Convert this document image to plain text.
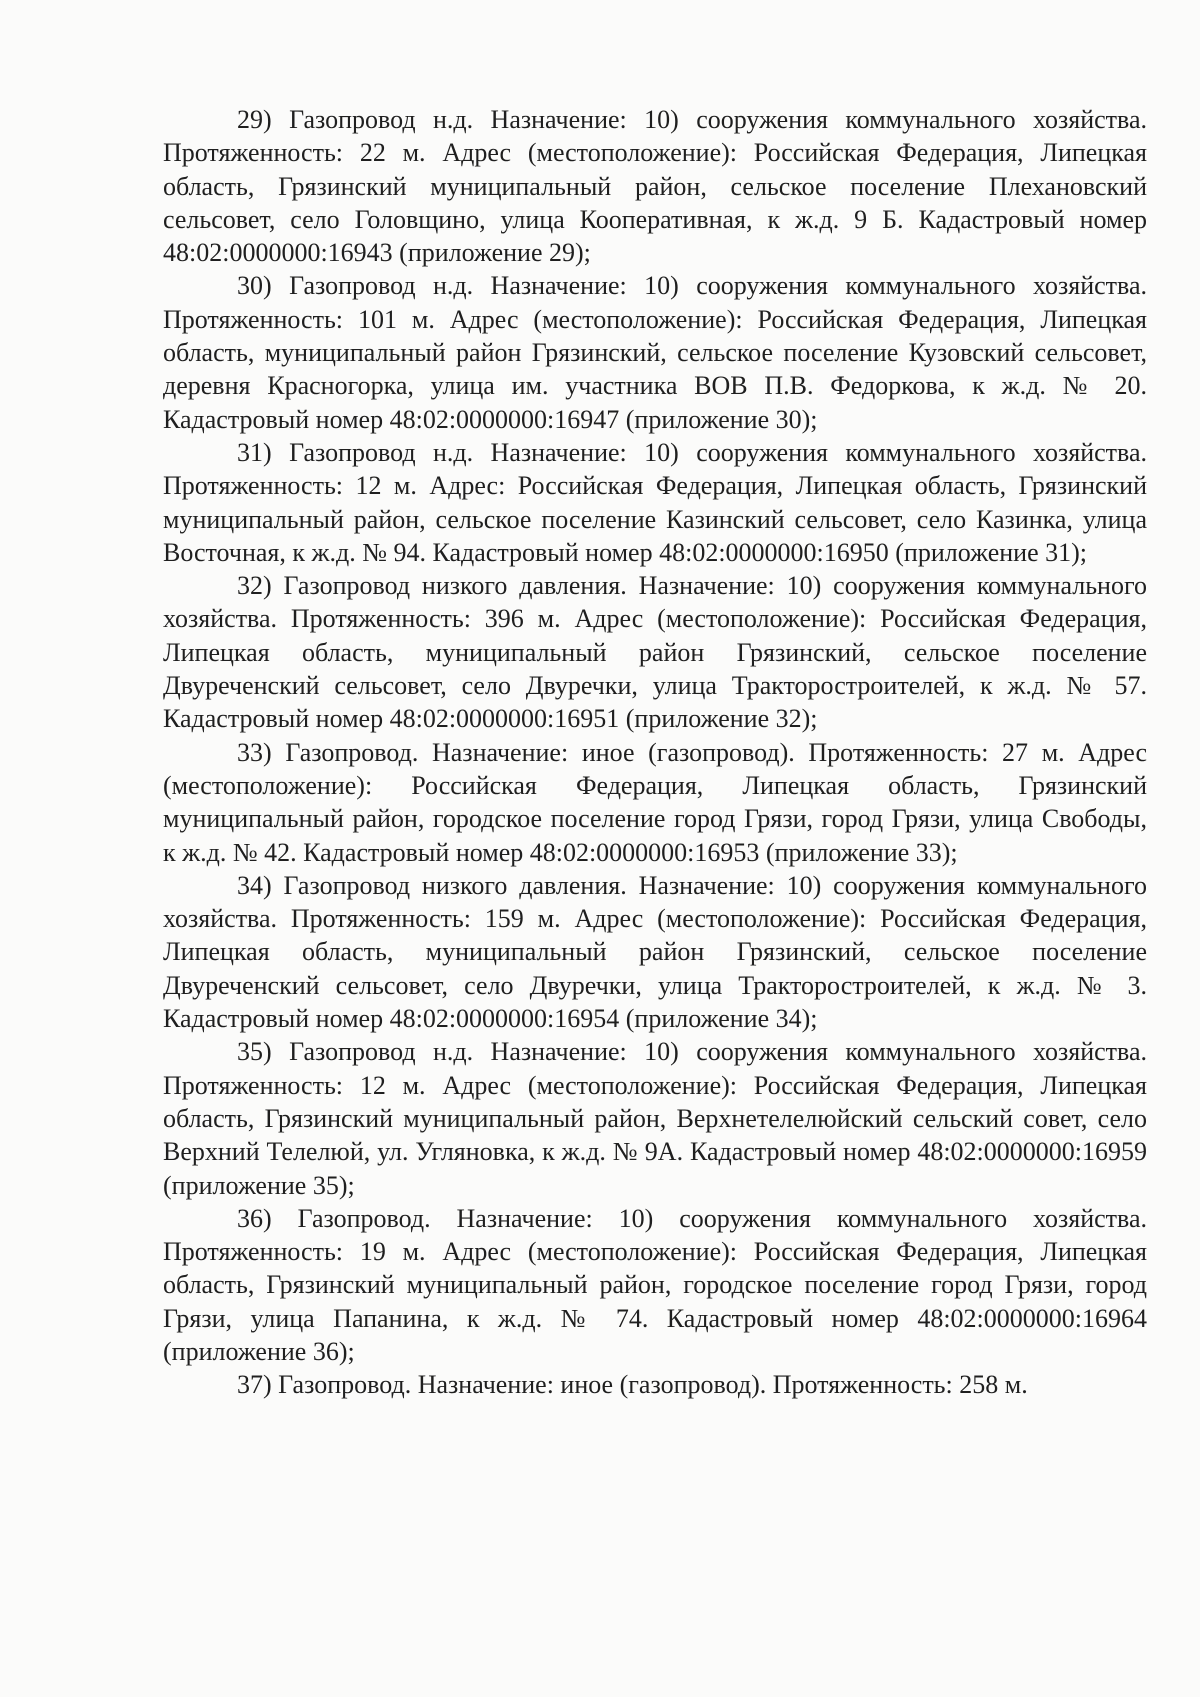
29) Газопровод н.д. Назначение: 10) сооружения коммунального хозяйства. Протяженность: 22 м. Адрес (местоположение): Российская Федерация, Липецкая область, Грязинский муниципальный район, сельское поселение Плехановский сельсовет, село Головщино, улица Кооперативная, к ж.д. 9 Б. Кадастровый номер 48:02:0000000:16943 (приложение 29);

30) Газопровод н.д. Назначение: 10) сооружения коммунального хозяйства. Протяженность: 101 м. Адрес (местоположение): Российская Федерация, Липецкая область, муниципальный район Грязинский, сельское поселение Кузовский сельсовет, деревня Красногорка, улица им. участника ВОВ П.В. Федоркова, к ж.д. № 20. Кадастровый номер 48:02:0000000:16947 (приложение 30);

31) Газопровод н.д. Назначение: 10) сооружения коммунального хозяйства. Протяженность: 12 м. Адрес: Российская Федерация, Липецкая область, Грязинский муниципальный район, сельское поселение Казинский сельсовет, село Казинка, улица Восточная, к ж.д. № 94. Кадастровый номер 48:02:0000000:16950 (приложение 31);

32) Газопровод низкого давления. Назначение: 10) сооружения коммунального хозяйства. Протяженность: 396 м. Адрес (местоположение): Российская Федерация, Липецкая область, муниципальный район Грязинский, сельское поселение Двуреченский сельсовет, село Двуречки, улица Тракторостроителей, к ж.д. № 57. Кадастровый номер 48:02:0000000:16951 (приложение 32);

33) Газопровод. Назначение: иное (газопровод). Протяженность: 27 м. Адрес (местоположение): Российская Федерация, Липецкая область, Грязинский муниципальный район, городское поселение город Грязи, город Грязи, улица Свободы, к ж.д. № 42. Кадастровый номер 48:02:0000000:16953 (приложение 33);

34) Газопровод низкого давления. Назначение: 10) сооружения коммунального хозяйства. Протяженность: 159 м. Адрес (местоположение): Российская Федерация, Липецкая область, муниципальный район Грязинский, сельское поселение Двуреченский сельсовет, село Двуречки, улица Тракторостроителей, к ж.д. № 3. Кадастровый номер 48:02:0000000:16954 (приложение 34);

35) Газопровод н.д. Назначение: 10) сооружения коммунального хозяйства. Протяженность: 12 м. Адрес (местоположение): Российская Федерация, Липецкая область, Грязинский муниципальный район, Верхнетелелюйский сельский совет, село Верхний Телелюй, ул. Угляновка, к ж.д. № 9А. Кадастровый номер 48:02:0000000:16959 (приложение 35);

36) Газопровод. Назначение: 10) сооружения коммунального хозяйства. Протяженность: 19 м. Адрес (местоположение): Российская Федерация, Липецкая область, Грязинский муниципальный район, городское поселение город Грязи, город Грязи, улица Папанина, к ж.д. № 74. Кадастровый номер 48:02:0000000:16964 (приложение 36);

37) Газопровод. Назначение: иное (газопровод). Протяженность: 258 м.
